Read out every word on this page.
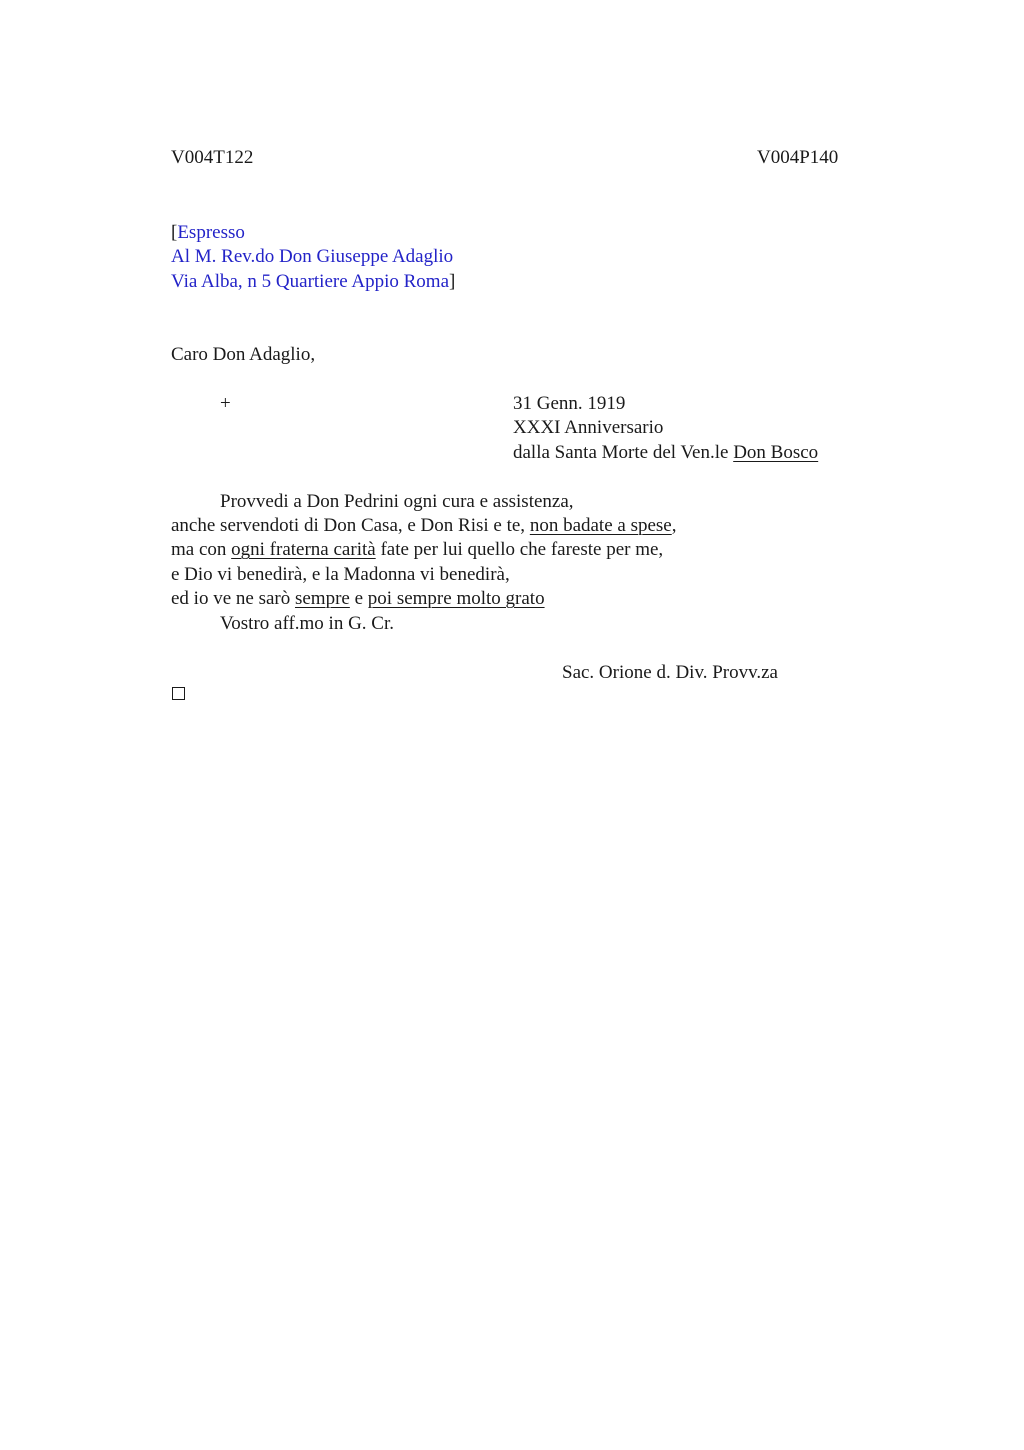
V004T122	V004P140
[Espresso
Al M. Rev.do Don Giuseppe Adaglio
Via Alba, n 5 Quartiere Appio Roma]
Caro Don Adaglio,
+	31 Genn. 1919
XXXI Anniversario
dalla Santa Morte del Ven.le Don Bosco
Provvedi a Don Pedrini ogni cura e assistenza,
anche servendoti di Don Casa, e Don Risi e te, non badate a spese,
ma con ogni fraterna carità fate per lui quello che fareste per me,
e Dio vi benedirà, e la Madonna vi benedirà,
ed io ve ne sarò sempre e poi sempre molto grato
Vostro aff.mo in G. Cr.
Sac. Orione d. Div. Provv.za
